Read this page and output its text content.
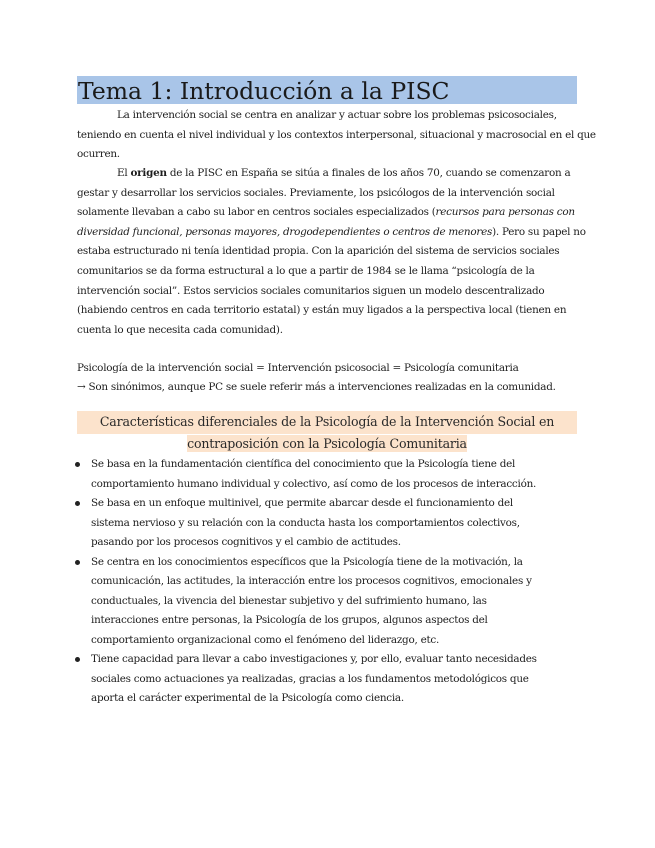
Tema 1: Introducción a la PISC

La intervención social se centra en analizar y actuar sobre los problemas psicosociales, teniendo en cuenta el nivel individual y los contextos interpersonal, situacional y macrosocial en el que ocurren.

El origen de la PISC en España se sitúa a finales de los años 70, cuando se comenzaron a gestar y desarrollar los servicios sociales. Previamente, los psicólogos de la intervención social solamente llevaban a cabo su labor en centros sociales especializados (recursos para personas con diversidad funcional, personas mayores, drogodependientes o centros de menores). Pero su papel no estaba estructurado ni tenía identidad propia. Con la aparición del sistema de servicios sociales comunitarios se da forma estructural a lo que a partir de 1984 se le llama “psicología de la intervención social”. Estos servicios sociales comunitarios siguen un modelo descentralizado (habiendo centros en cada territorio estatal) y están muy ligados a la perspectiva local (tienen en cuenta lo que necesita cada comunidad).

Psicología de la intervención social = Intervención psicosocial = Psicología comunitaria

→ Son sinónimos, aunque PC se suele referir más a intervenciones realizadas en la comunidad.

Características diferenciales de la Psicología de la Intervención Social en
contraposición con la Psicología Comunitaria
Se basa en la fundamentación científica del conocimiento que la Psicología tiene del comportamiento humano individual y colectivo, así como de los procesos de interacción.
Se basa en un enfoque multinivel, que permite abarcar desde el funcionamiento del sistema nervioso y su relación con la conducta hasta los comportamientos colectivos, pasando por los procesos cognitivos y el cambio de actitudes.
Se centra en los conocimientos específicos que la Psicología tiene de la motivación, la comunicación, las actitudes, la interacción entre los procesos cognitivos, emocionales y conductuales, la vivencia del bienestar subjetivo y del sufrimiento humano, las interacciones entre personas, la Psicología de los grupos, algunos aspectos del comportamiento organizacional como el fenómeno del liderazgo, etc.
Tiene capacidad para llevar a cabo investigaciones y, por ello, evaluar tanto necesidades sociales como actuaciones ya realizadas, gracias a los fundamentos metodológicos que aporta el carácter experimental de la Psicología como ciencia.
